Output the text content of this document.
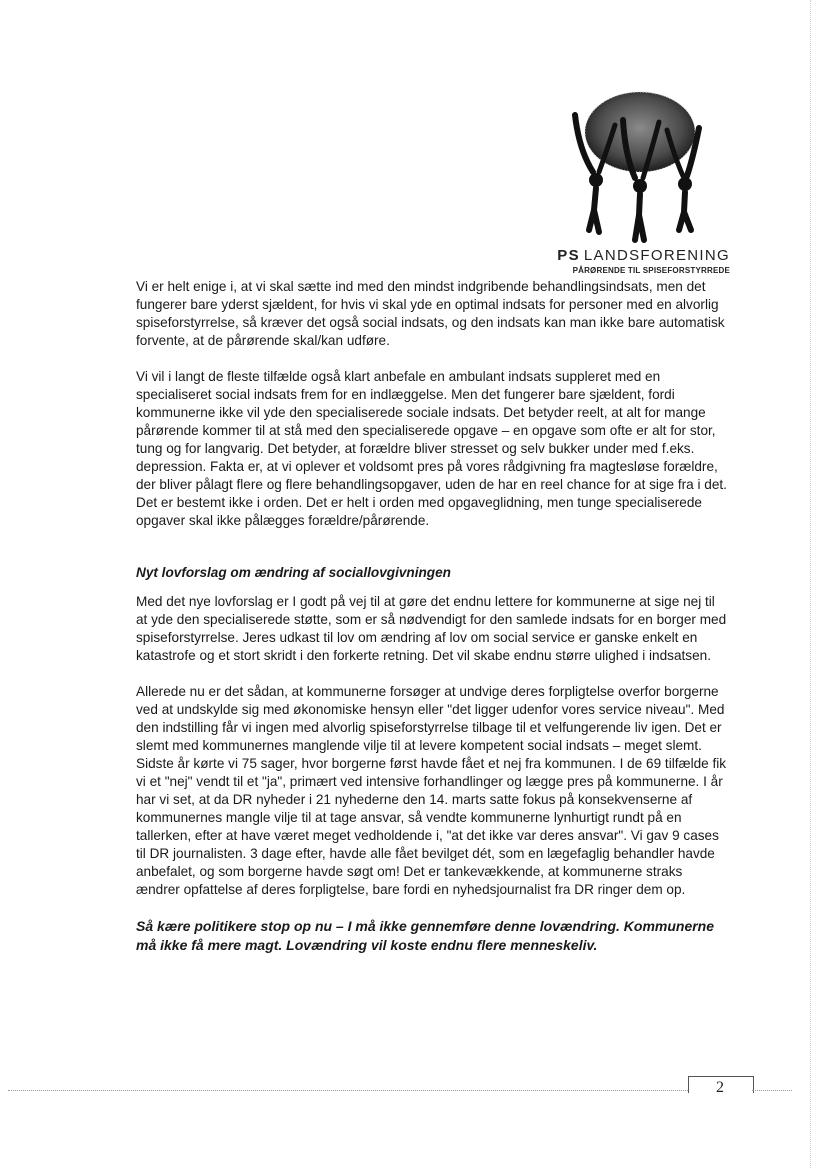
PS LANDSFORENING
PÅRØRENDE TIL SPISEFORSTYRREDE

Vi er helt enige i, at vi skal sætte ind med den mindst indgribende behandlingsindsats, men det fungerer bare yderst sjældent, for hvis vi skal yde en optimal indsats for personer med en alvorlig spiseforstyrrelse, så kræver det også social indsats, og den indsats kan man ikke bare automatisk forvente, at de pårørende skal/kan udføre.

Vi vil i langt de fleste tilfælde også klart anbefale en ambulant indsats suppleret med en specialiseret social indsats frem for en indlæggelse. Men det fungerer bare sjældent, fordi kommunerne ikke vil yde den specialiserede sociale indsats. Det betyder reelt, at alt for mange pårørende kommer til at stå med den specialiserede opgave – en opgave som ofte er alt for stor, tung og for langvarig. Det betyder, at forældre bliver stresset og selv bukker under med f.eks. depression. Fakta er, at vi oplever et voldsomt pres på vores rådgivning fra magtesløse forældre, der bliver pålagt flere og flere behandlingsopgaver, uden de har en reel chance for at sige fra i det. Det er bestemt ikke i orden. Det er helt i orden med opgaveglidning, men tunge specialiserede opgaver skal ikke pålægges forældre/pårørende.

Nyt lovforslag om ændring af sociallovgivningen

Med det nye lovforslag er I godt på vej til at gøre det endnu lettere for kommunerne at sige nej til at yde den specialiserede støtte, som er så nødvendigt for den samlede indsats for en borger med spiseforstyrrelse. Jeres udkast til lov om ændring af lov om social service er ganske enkelt en katastrofe og et stort skridt i den forkerte retning. Det vil skabe endnu større ulighed i indsatsen.

Allerede nu er det sådan, at kommunerne forsøger at undvige deres forpligtelse overfor borgerne ved at undskylde sig med økonomiske hensyn eller "det ligger udenfor vores service niveau". Med den indstilling får vi ingen med alvorlig spiseforstyrrelse tilbage til et velfungerende liv igen. Det er slemt med kommunernes manglende vilje til at levere kompetent social indsats – meget slemt. Sidste år kørte vi 75 sager, hvor borgerne først havde fået et nej fra kommunen. I de 69 tilfælde fik vi et "nej" vendt til et "ja", primært ved intensive forhandlinger og lægge pres på kommunerne. I år har vi set, at da DR nyheder i 21 nyhederne den 14. marts satte fokus på konsekvenserne af kommunernes mangle vilje til at tage ansvar, så vendte kommunerne lynhurtigt rundt på en tallerken, efter at have været meget vedholdende i, "at det ikke var deres ansvar". Vi gav 9 cases til DR journalisten. 3 dage efter, havde alle fået bevilget dét, som en lægefaglig behandler havde anbefalet, og som borgerne havde søgt om! Det er tankevækkende, at kommunerne straks ændrer opfattelse af deres forpligtelse, bare fordi en nyhedsjournalist fra DR ringer dem op.

Så kære politikere stop op nu – I må ikke gennemføre denne lovændring. Kommunerne må ikke få mere magt. Lovændring vil koste endnu flere menneskeliv.

2
